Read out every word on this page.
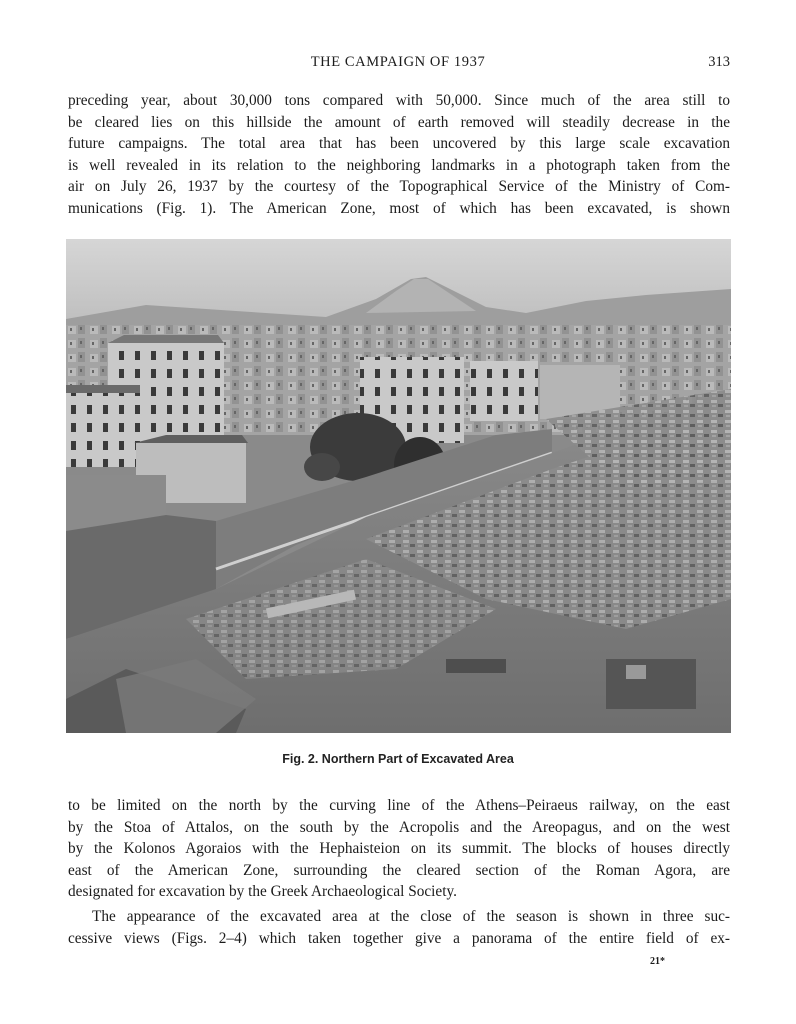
THE CAMPAIGN OF 1937	313
preceding year, about 30,000 tons compared with 50,000. Since much of the area still to
be cleared lies on this hillside the amount of earth removed will steadily decrease in the
future campaigns. The total area that has been uncovered by this large scale excavation
is well revealed in its relation to the neighboring landmarks in a photograph taken from the
air on July 26, 1937 by the courtesy of the Topographical Service of the Ministry of Com-
munications (Fig. 1). The American Zone, most of which has been excavated, is shown
Fig. 2. Northern Part of Excavated Area
to be limited on the north by the curving line of the Athens–Peiraeus railway, on the east
by the Stoa of Attalos, on the south by the Acropolis and the Areopagus, and on the west
by the Kolonos Agoraios with the Hephaisteion on its summit. The blocks of houses directly
east of the American Zone, surrounding the cleared section of the Roman Agora, are
designated for excavation by the Greek Archaeological Society.
The appearance of the excavated area at the close of the season is shown in three suc-
cessive views (Figs. 2–4) which taken together give a panorama of the entire field of ex-
21*
